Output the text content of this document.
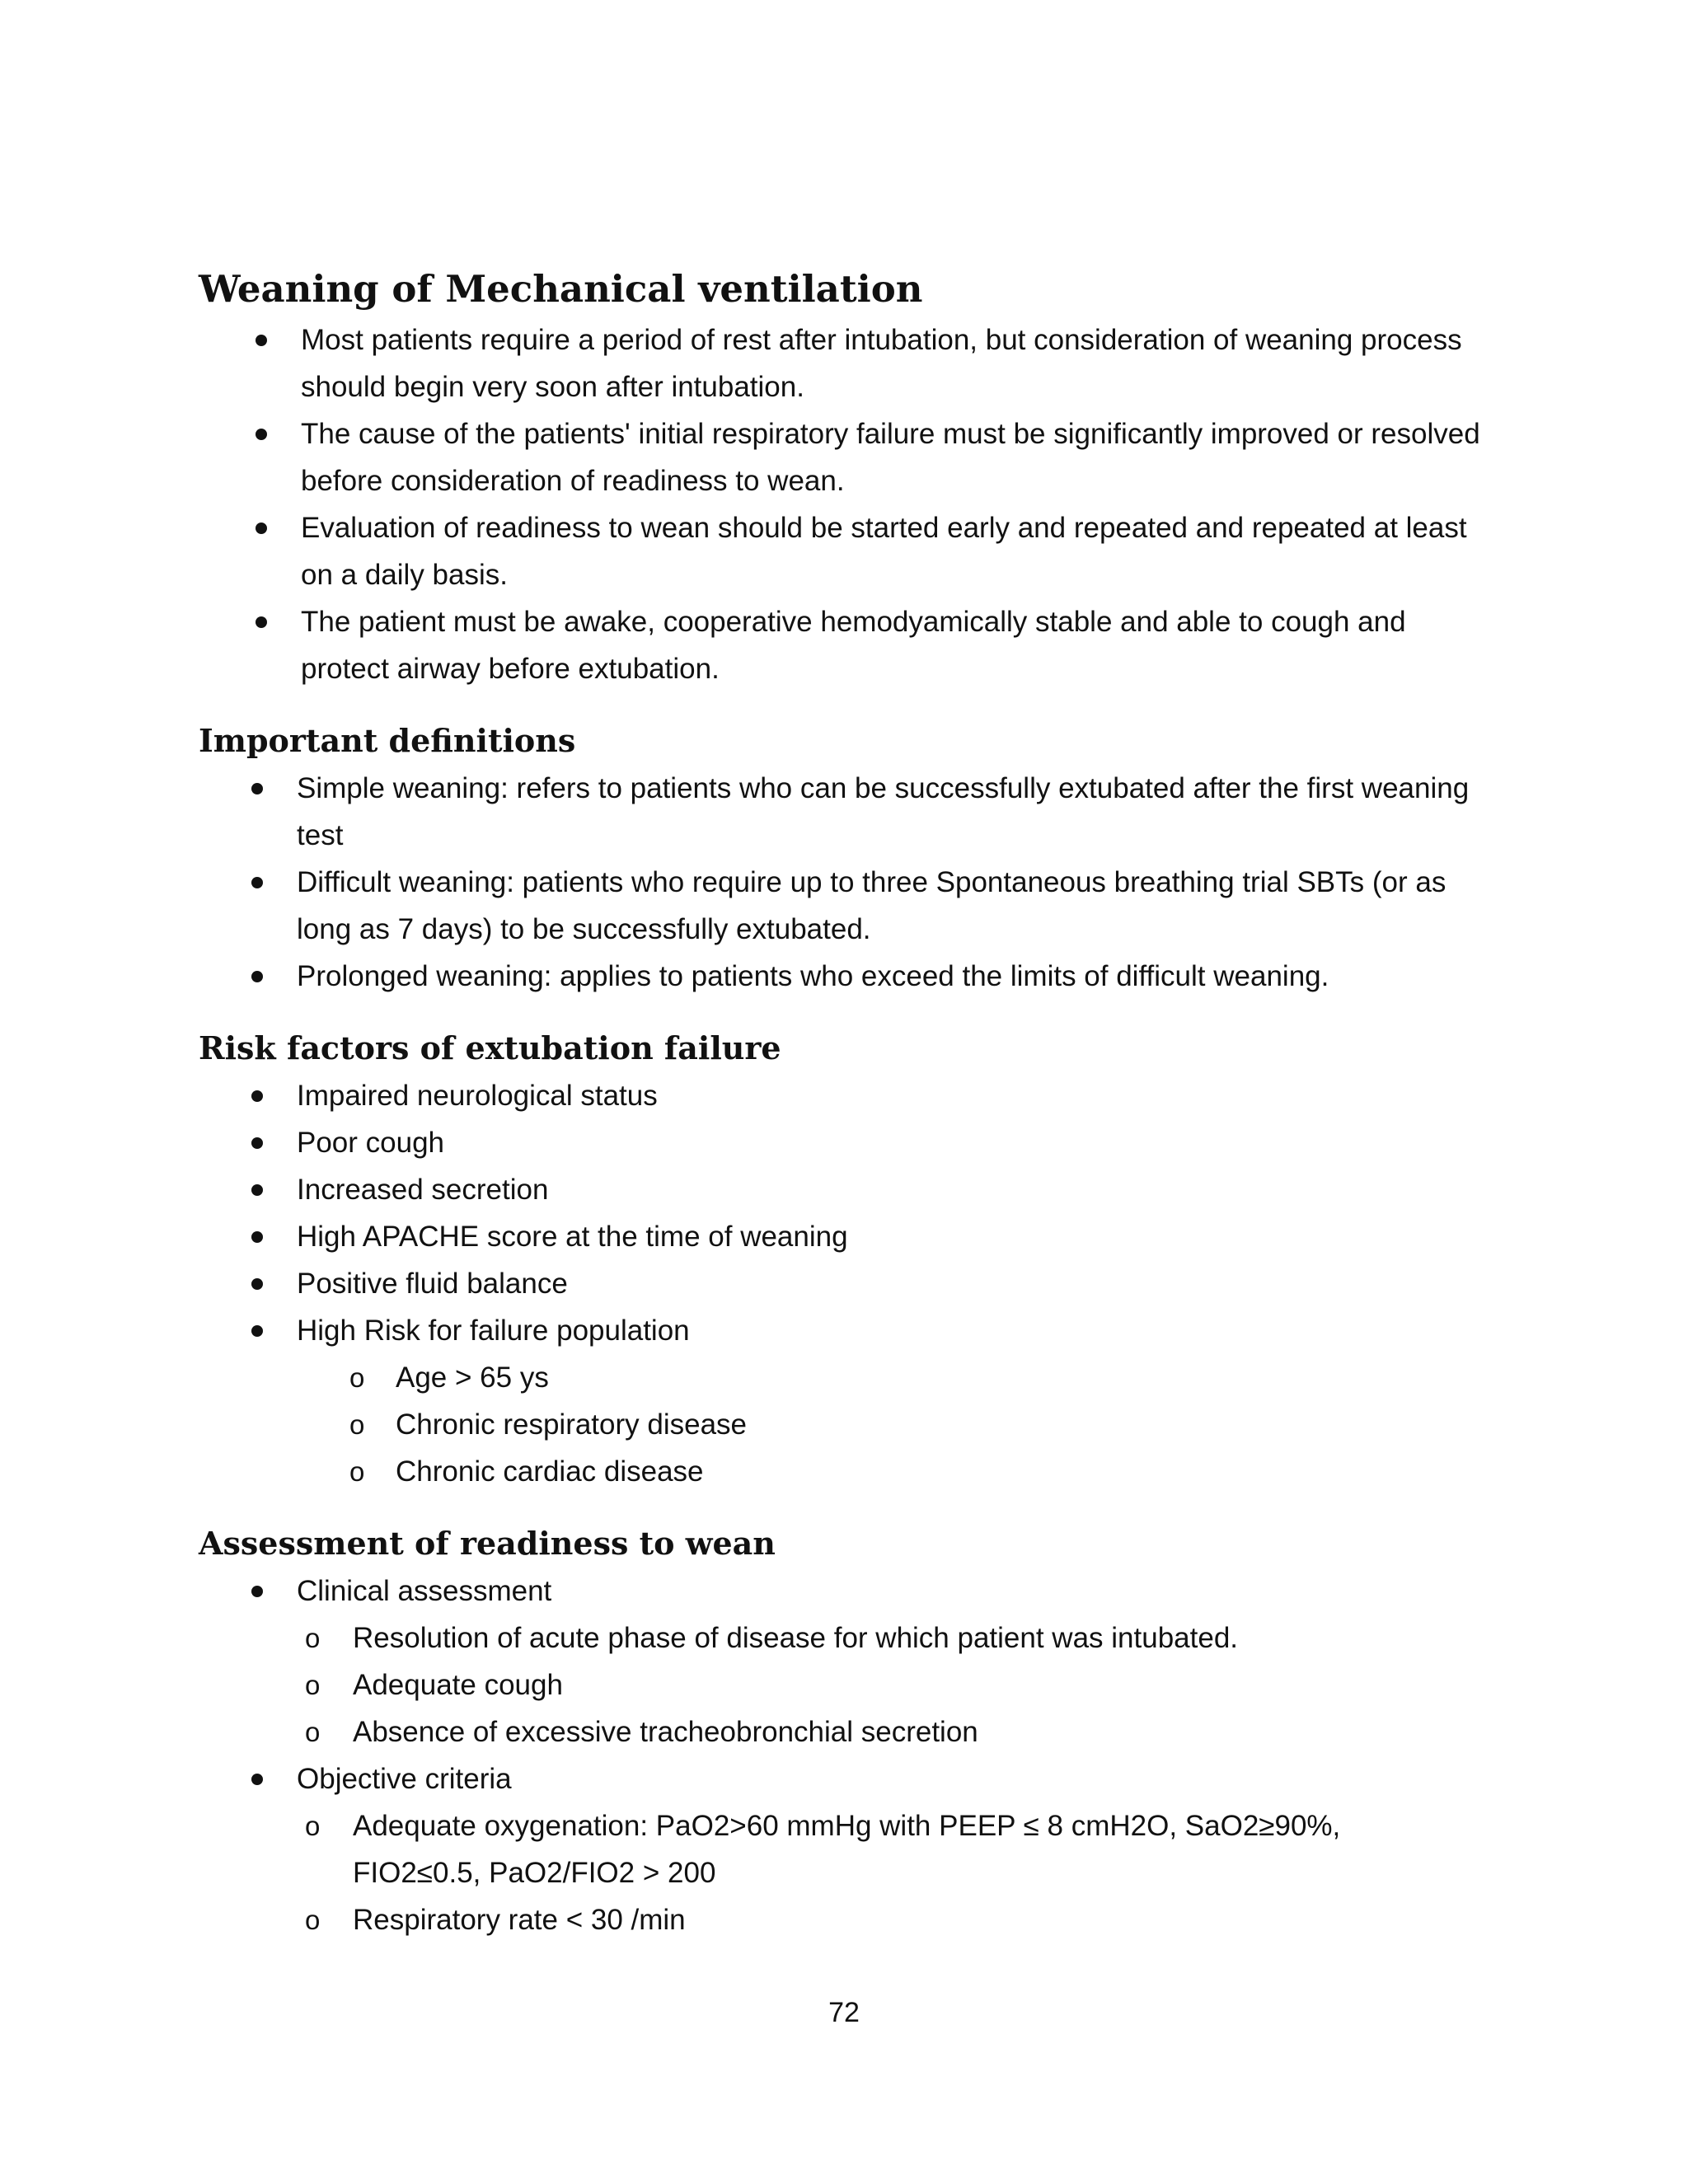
Weaning of Mechanical ventilation
Most patients require a period of rest after intubation, but consideration of weaning process should begin very soon after intubation.
The cause of the patients' initial respiratory failure must be significantly improved or resolved before consideration of readiness to wean.
Evaluation of readiness to wean should be started early and repeated and repeated at least on a daily basis.
The patient must be awake, cooperative hemodyamically stable and able to cough and protect airway before extubation.
Important definitions
Simple weaning: refers to patients who can be successfully extubated after the first weaning test
Difficult weaning: patients who require up to three Spontaneous breathing trial SBTs (or as long as 7 days) to be successfully extubated.
Prolonged weaning: applies to patients who exceed the limits of difficult weaning.
Risk factors of extubation failure
Impaired neurological status
Poor cough
Increased secretion
High APACHE score at the time of weaning
Positive fluid balance
High Risk for failure population
o Age > 65 ys
o Chronic respiratory disease
o Chronic cardiac disease
Assessment of readiness to wean
Clinical assessment
o Resolution of acute phase of disease for which patient was intubated.
o Adequate cough
o Absence of excessive tracheobronchial secretion
Objective criteria
o Adequate oxygenation: PaO2>60 mmHg with PEEP ≤ 8 cmH2O, SaO2≥90%, FIO2≤0.5, PaO2/FIO2 > 200
o Respiratory rate < 30 /min
72
